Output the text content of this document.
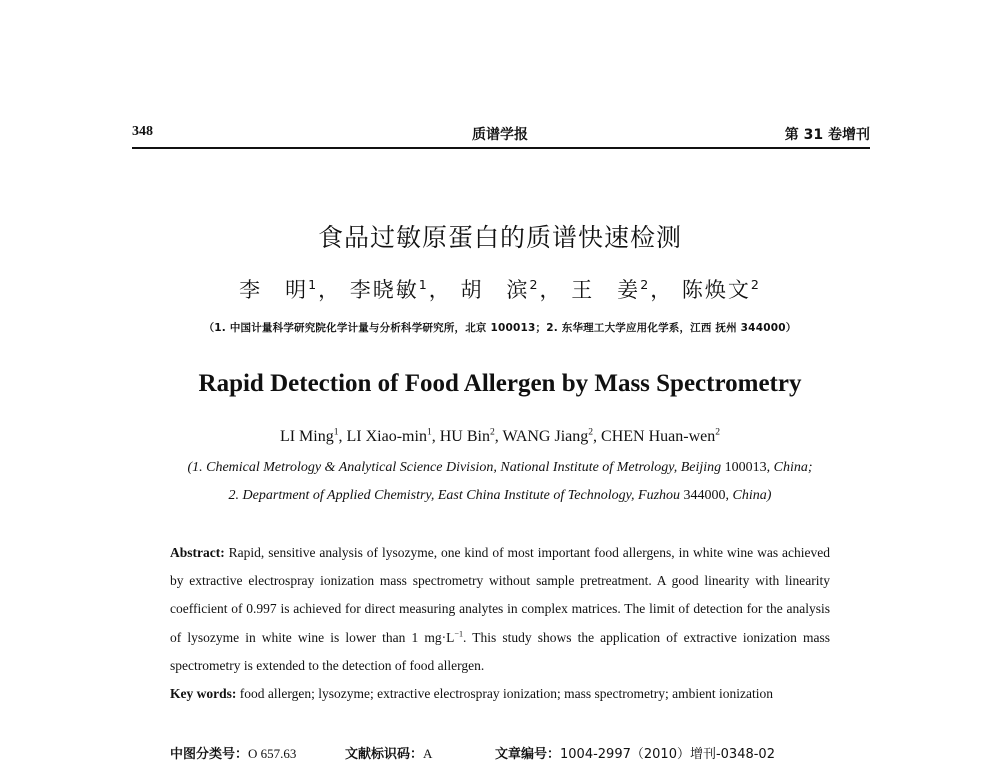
348	质谱学报	第 31 卷增刊
食品过敏原蛋白的质谱快速检测
李　明$^1$， 李晓敏$^1$， 胡　滨$^2$， 王　姜$^2$， 陈焕文$^2$
（1. 中国计量科学研究院化学计量与分析科学研究所，北京 100013；2. 东华理工大学应用化学系，江西 抚州 344000）
Rapid Detection of Food Allergen by Mass Spectrometry
LI Ming$^1$, LI Xiao-$\min^1$, HU Bin$^2$, WANG Jiang$^2$, CHEN Huan-wen$^2$
(1. Chemical Metrology & Analytical Science Division, National Institute of Metrology, Beijing 100013, China;
2. Department of Applied Chemistry, East China Institute of Technology, Fuzhou 344000, China)

Abstract: Rapid, sensitive analysis of lysozyme, one kind of most important food allergens, in white wine was achieved by extractive electrospray ionization mass spectrometry without sample pretreatment. A good linearity with linearity coefficient of 0.997 is achieved for direct measuring analytes in complex matrices. The limit of detection for the analysis of lysozyme in white wine is lower than 1 $mg\cdot L^{-1}$. This study shows the application of extractive ionization mass spectrometry is extended to the detection of food allergen.
Key words: food allergen; lysozyme; extractive electrospray ionization; mass spectrometry; ambient ionization

中图分类号：O 657.63	文献标识码：A	文章编号：1004-2997（2010）增刊-0348-02
